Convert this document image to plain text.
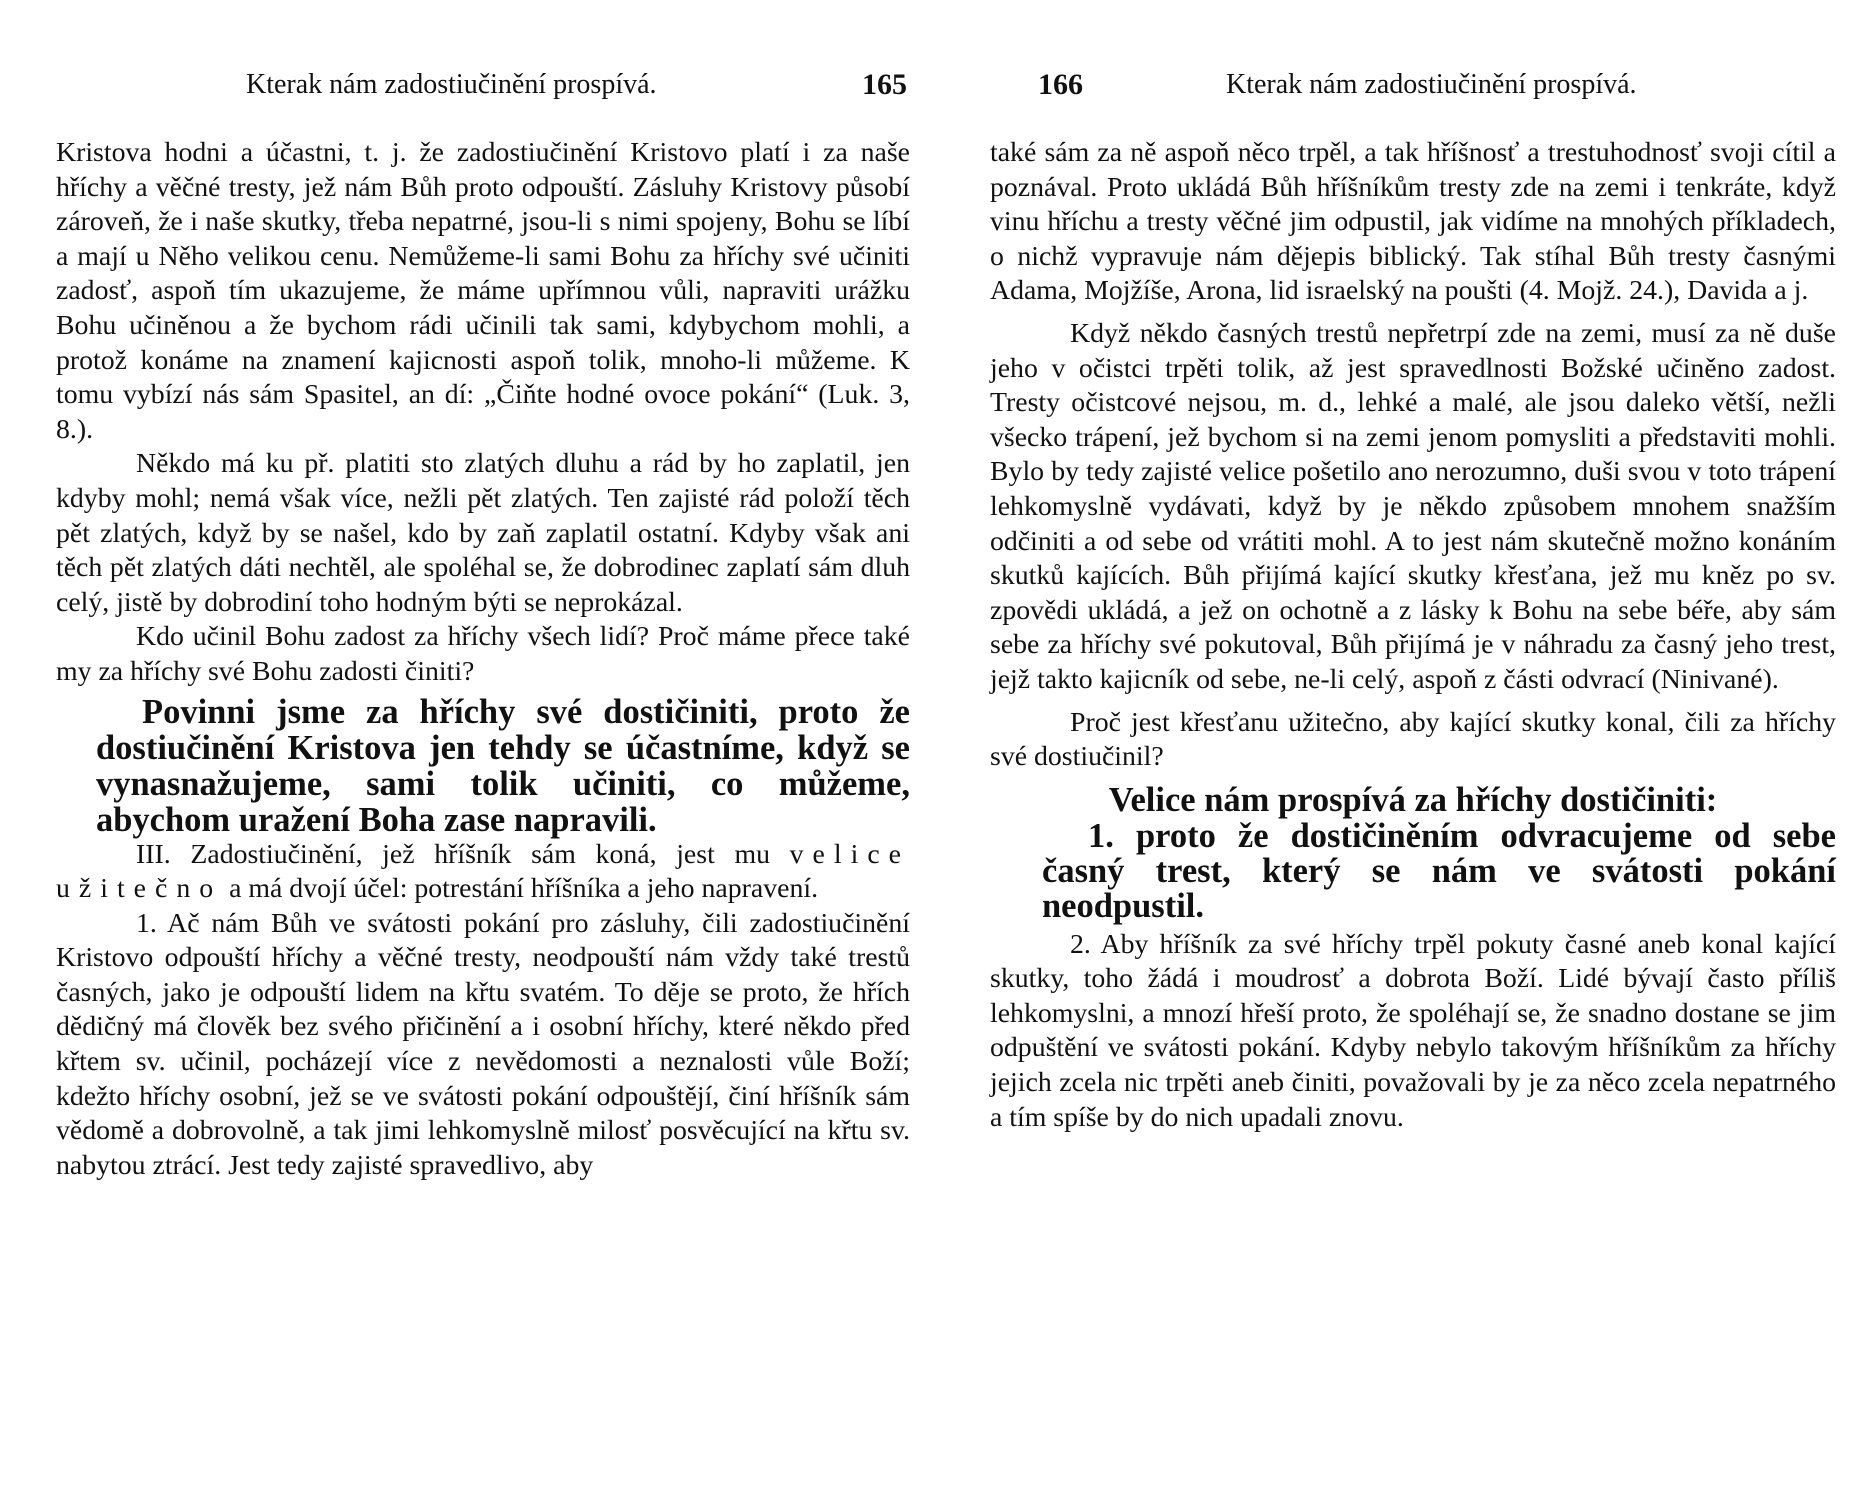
Kterak nám zadostiučinění prospívá.	165

Kristova hodni a účastni, t. j. že zadostiučinění Kristovo platí i za naše hříchy a věčné tresty, jež nám Bůh proto odpouští. Zásluhy Kristovy působí zároveň, že i naše skutky, třeba nepatrné, jsou-li s nimi spojeny, Bohu se líbí a mají u Něho velikou cenu. Nemůžeme-li sami Bohu za hříchy své učiniti zadosť, aspoň tím ukazujeme, že máme upřímnou vůli, napraviti urážku Bohu učiněnou a že bychom rádi učinili tak sami, kdybychom mohli, a protož konáme na znamení kajicnosti aspoň tolik, mnoho-li můžeme. K tomu vybízí nás sám Spasitel, an dí: „Čiňte hodné ovoce pokání“ (Luk. 3, 8.).

Někdo má ku př. platiti sto zlatých dluhu a rád by ho zaplatil, jen kdyby mohl; nemá však více, nežli pět zlatých. Ten zajisté rád položí těch pět zlatých, když by se našel, kdo by zaň zaplatil ostatní. Kdyby však ani těch pět zlatých dáti nechtěl, ale spoléhal se, že dobrodinec zaplatí sám dluh celý, jistě by dobrodiní toho hodným býti se neprokázal.

Kdo učinil Bohu zadost za hříchy všech lidí? Proč máme přece také my za hříchy své Bohu zadosti činiti?

Povinni jsme za hříchy své dostičiniti, proto že dostiučinění Kristova jen tehdy se účastníme, když se vynasnažujeme, sami tolik učiniti, co můžeme, abychom uražení Boha zase napravili.

III. Zadostiučinění, jež hříšník sám koná, jest mu velice užitečno a má dvojí účel: potrestání hříšníka a jeho napravení.

1. Ač nám Bůh ve svátosti pokání pro zásluhy, čili zadostiučinění Kristovo odpouští hříchy a věčné tresty, neodpouští nám vždy také trestů časných, jako je odpouští lidem na křtu svatém. To děje se proto, že hřích dědičný má člověk bez svého přičinění a i osobní hříchy, které někdo před křtem sv. učinil, pocházejí více z nevědomosti a neznalosti vůle Boží; kdežto hříchy osobní, jež se ve svátosti pokání odpouštějí, činí hříšník sám vědomě a dobrovolně, a tak jimi lehkomyslně milosť posvěcující na křtu sv. nabytou ztrácí. Jest tedy zajisté spravedlivo, aby

166	Kterak nám zadostiučinění prospívá.

také sám za ně aspoň něco trpěl, a tak hříšnosť a trestuhodnosť svoji cítil a poznával. Proto ukládá Bůh hříšníkům tresty zde na zemi i tenkráte, když vinu hříchu a tresty věčné jim odpustil, jak vidíme na mnohých příkladech, o nichž vypravuje nám dějepis biblický. Tak stíhal Bůh tresty časnými Adama, Mojžíše, Arona, lid israelský na poušti (4. Mojž. 24.), Davida a j.

Když někdo časných trestů nepřetrpí zde na zemi, musí za ně duše jeho v očistci trpěti tolik, až jest spravedlnosti Božské učiněno zadost. Tresty očistcové nejsou, m. d., lehké a malé, ale jsou daleko větší, nežli všecko trápení, jež bychom si na zemi jenom pomysliti a představiti mohli. Bylo by tedy zajisté velice pošetilo ano nerozumno, duši svou v toto trápení lehkomyslně vydávati, když by je někdo způsobem mnohem snažším odčiniti a od sebe od vrátiti mohl. A to jest nám skutečně možno konáním skutků kajících. Bůh přijímá kající skutky křesťana, jež mu kněz po sv. zpovědi ukládá, a jež on ochotně a z lásky k Bohu na sebe béře, aby sám sebe za hříchy své pokutoval, Bůh přijímá je v náhradu za časný jeho trest, jejž takto kajicník od sebe, ne-li celý, aspoň z části odvrací (Ninivané).

Proč jest křesťanu užitečno, aby kající skutky konal, čili za hříchy své dostiučinil?

Velice nám prospívá za hříchy dostičiniti:
1. proto že dostičiněním odvracujeme od sebe časný trest, který se nám ve svátosti pokání neodpustil.

2. Aby hříšník za své hříchy trpěl pokuty časné aneb konal kající skutky, toho žádá i moudrosť a dobrota Boží. Lidé bývají často příliš lehkomyslni, a mnozí hřeší proto, že spoléhají se, že snadno dostane se jim odpuštění ve svátosti pokání. Kdyby nebylo takovým hříšníkům za hříchy jejich zcela nic trpěti aneb činiti, považovali by je za něco zcela nepatrného a tím spíše by do nich upadali znovu.
